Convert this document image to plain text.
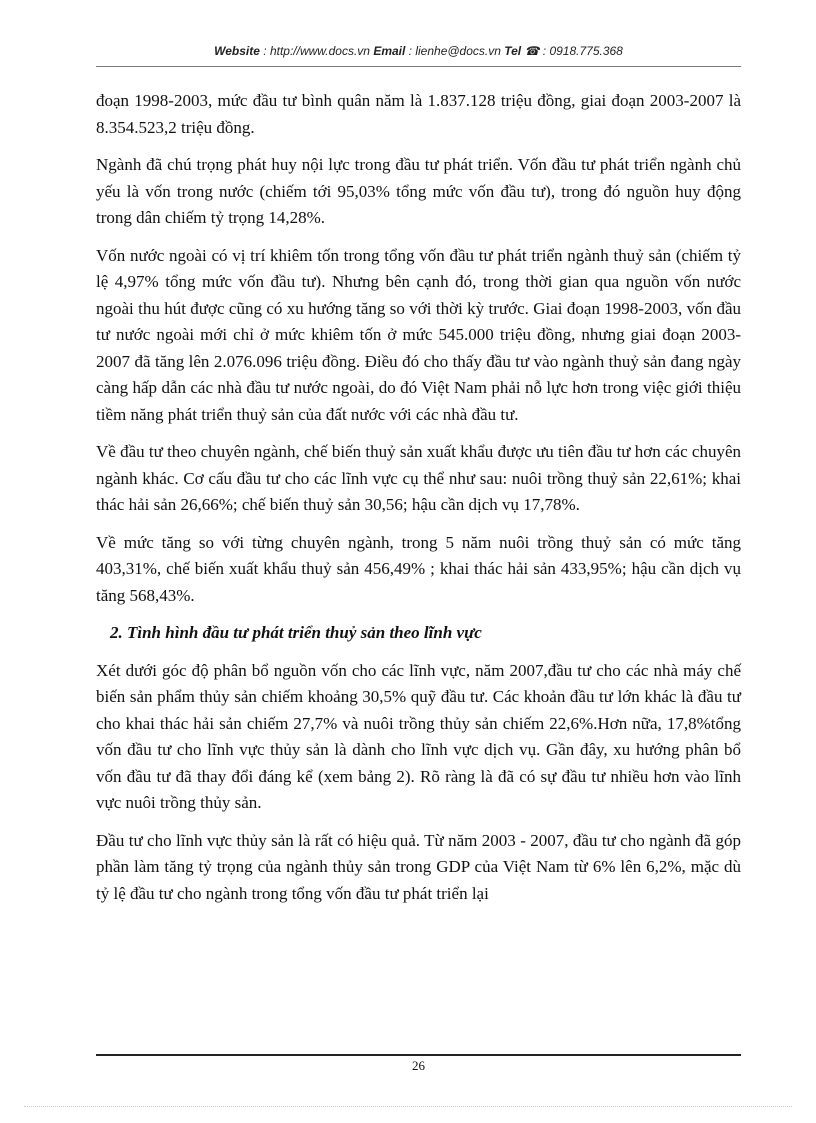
Website : http://www.docs.vn Email : lienhe@docs.vn Tel ☎ : 0918.775.368

đoạn 1998-2003, mức đầu tư bình quân năm là 1.837.128 triệu đồng, giai đoạn 2003-2007 là 8.354.523,2 triệu đồng.

Ngành đã chú trọng phát huy nội lực trong đầu tư phát triển. Vốn đầu tư phát triển ngành chủ yếu là vốn trong nước (chiếm tới 95,03% tổng mức vốn đầu tư), trong đó nguồn huy động trong dân chiếm tỷ trọng 14,28%.

Vốn nước ngoài có vị trí khiêm tốn trong tổng vốn đầu tư phát triển ngành thuỷ sản (chiếm tỷ lệ 4,97% tổng mức vốn đầu tư). Nhưng bên cạnh đó, trong thời gian qua nguồn vốn nước ngoài thu hút được cũng có xu hướng tăng so với thời kỳ trước. Giai đoạn 1998-2003, vốn đầu tư nước ngoài mới chỉ ở mức khiêm tốn ở mức 545.000 triệu đồng, nhưng giai đoạn 2003-2007 đã tăng lên 2.076.096 triệu đồng. Điều đó cho thấy đầu tư vào ngành thuỷ sản đang ngày càng hấp dẫn các nhà đầu tư nước ngoài, do đó Việt Nam phải nỗ lực hơn trong việc giới thiệu tiềm năng phát triển thuỷ sản của đất nước với các nhà đầu tư.

Về đầu tư theo chuyên ngành, chế biến thuỷ sản xuất khẩu được ưu tiên đầu tư hơn các chuyên ngành khác. Cơ cấu đầu tư cho các lĩnh vực cụ thể như sau: nuôi trồng thuỷ sản 22,61%; khai thác hải sản 26,66%; chế biến thuỷ sản 30,56; hậu cần dịch vụ 17,78%.

Về mức tăng so với từng chuyên ngành, trong 5 năm nuôi trồng thuỷ sản có mức tăng 403,31%, chế biến xuất khẩu thuỷ sản 456,49% ; khai thác hải sản 433,95%; hậu cần dịch vụ tăng 568,43%.

2. Tình hình đầu tư phát triển thuỷ sản theo lĩnh vực

Xét dưới góc độ phân bổ nguồn vốn cho các lĩnh vực, năm 2007,đầu tư cho các nhà máy chế biến sản phẩm thủy sản chiếm khoảng 30,5% quỹ đầu tư. Các khoản đầu tư lớn khác là đầu tư cho khai thác hải sản chiếm 27,7% và nuôi trồng thủy sản chiếm 22,6%.Hơn nữa, 17,8%tổng vốn đầu tư cho lĩnh vực thủy sản là dành cho lĩnh vực dịch vụ. Gần đây, xu hướng phân bổ vốn đầu tư đã thay đổi đáng kể (xem bảng 2). Rõ ràng là đã có sự đầu tư nhiều hơn vào lĩnh vực nuôi trồng thủy sản.

Đầu tư cho lĩnh vực thủy sản là rất có hiệu quả. Từ năm 2003 - 2007, đầu tư cho ngành đã góp phần làm tăng tỷ trọng của ngành thủy sản trong GDP của Việt Nam từ 6% lên 6,2%, mặc dù tỷ lệ đầu tư cho ngành trong tổng vốn đầu tư phát triển lại

26
